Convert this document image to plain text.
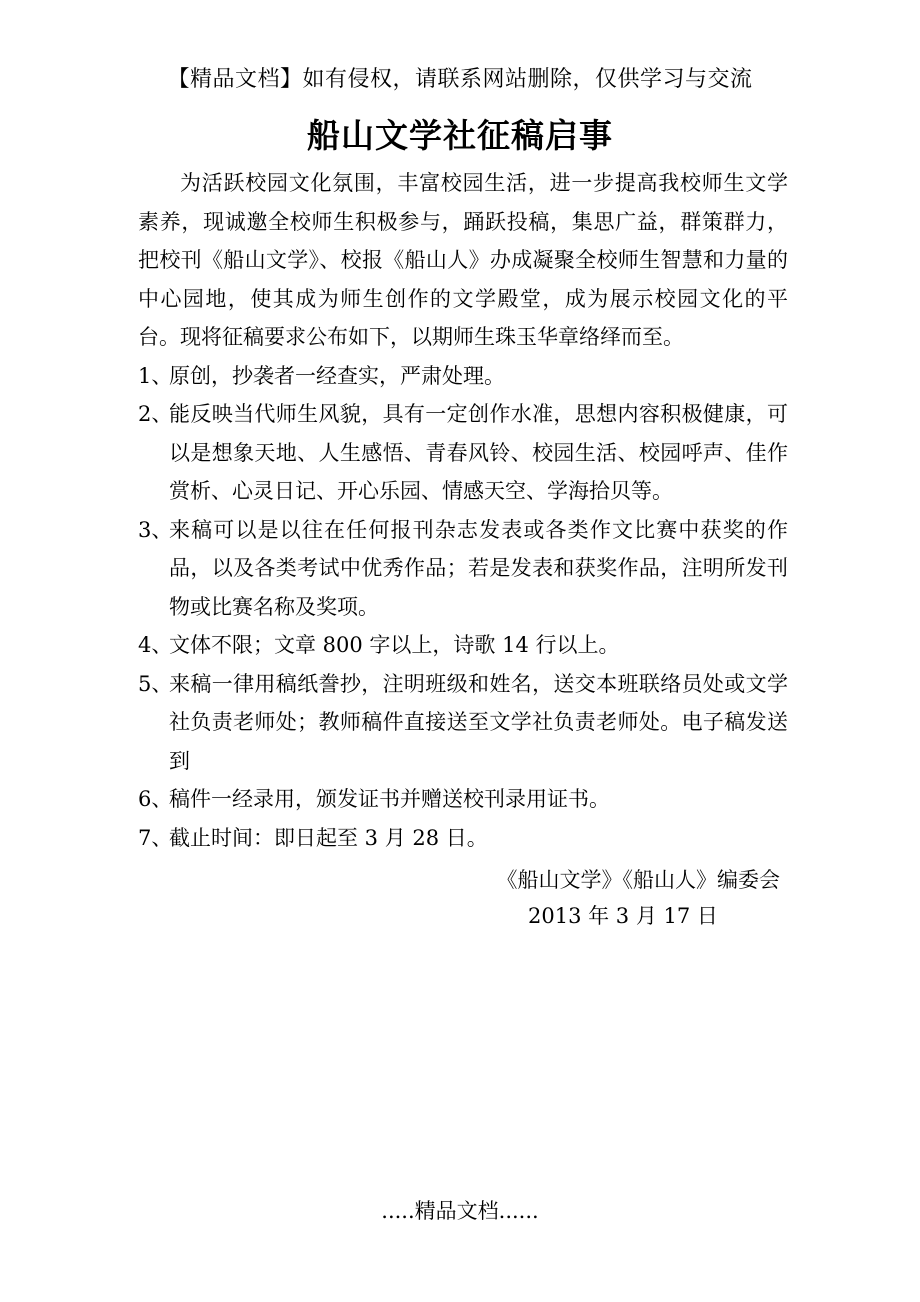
【精品文档】如有侵权，请联系网站删除，仅供学习与交流
船山文学社征稿启事

为活跃校园文化氛围，丰富校园生活，进一步提高我校师生文学素养，现诚邀全校师生积极参与，踊跃投稿，集思广益，群策群力，把校刊《船山文学》、校报《船山人》办成凝聚全校师生智慧和力量的中心园地，使其成为师生创作的文学殿堂，成为展示校园文化的平台。现将征稿要求公布如下，以期师生珠玉华章络绎而至。

1、
原创，抄袭者一经查实，严肃处理。
2、
能反映当代师生风貌，具有一定创作水准，思想内容积极健康，可以是想象天地、人生感悟、青春风铃、校园生活、校园呼声、佳作赏析、心灵日记、开心乐园、情感天空、学海拾贝等。
3、
来稿可以是以往在任何报刊杂志发表或各类作文比赛中获奖的作品，以及各类考试中优秀作品；若是发表和获奖作品，注明所发刊物或比赛名称及奖项。
4、
文体不限；文章 800 字以上，诗歌 14 行以上。
5、
来稿一律用稿纸誊抄，注明班级和姓名，送交本班联络员处或文学社负责老师处；教师稿件直接送至文学社负责老师处。电子稿发送到
6、
稿件一经录用，颁发证书并赠送校刊录用证书。
7、
截止时间：即日起至 3 月 28 日。
《船山文学》《船山人》编委会
2013 年 3 月 17 日
.....精品文档......
